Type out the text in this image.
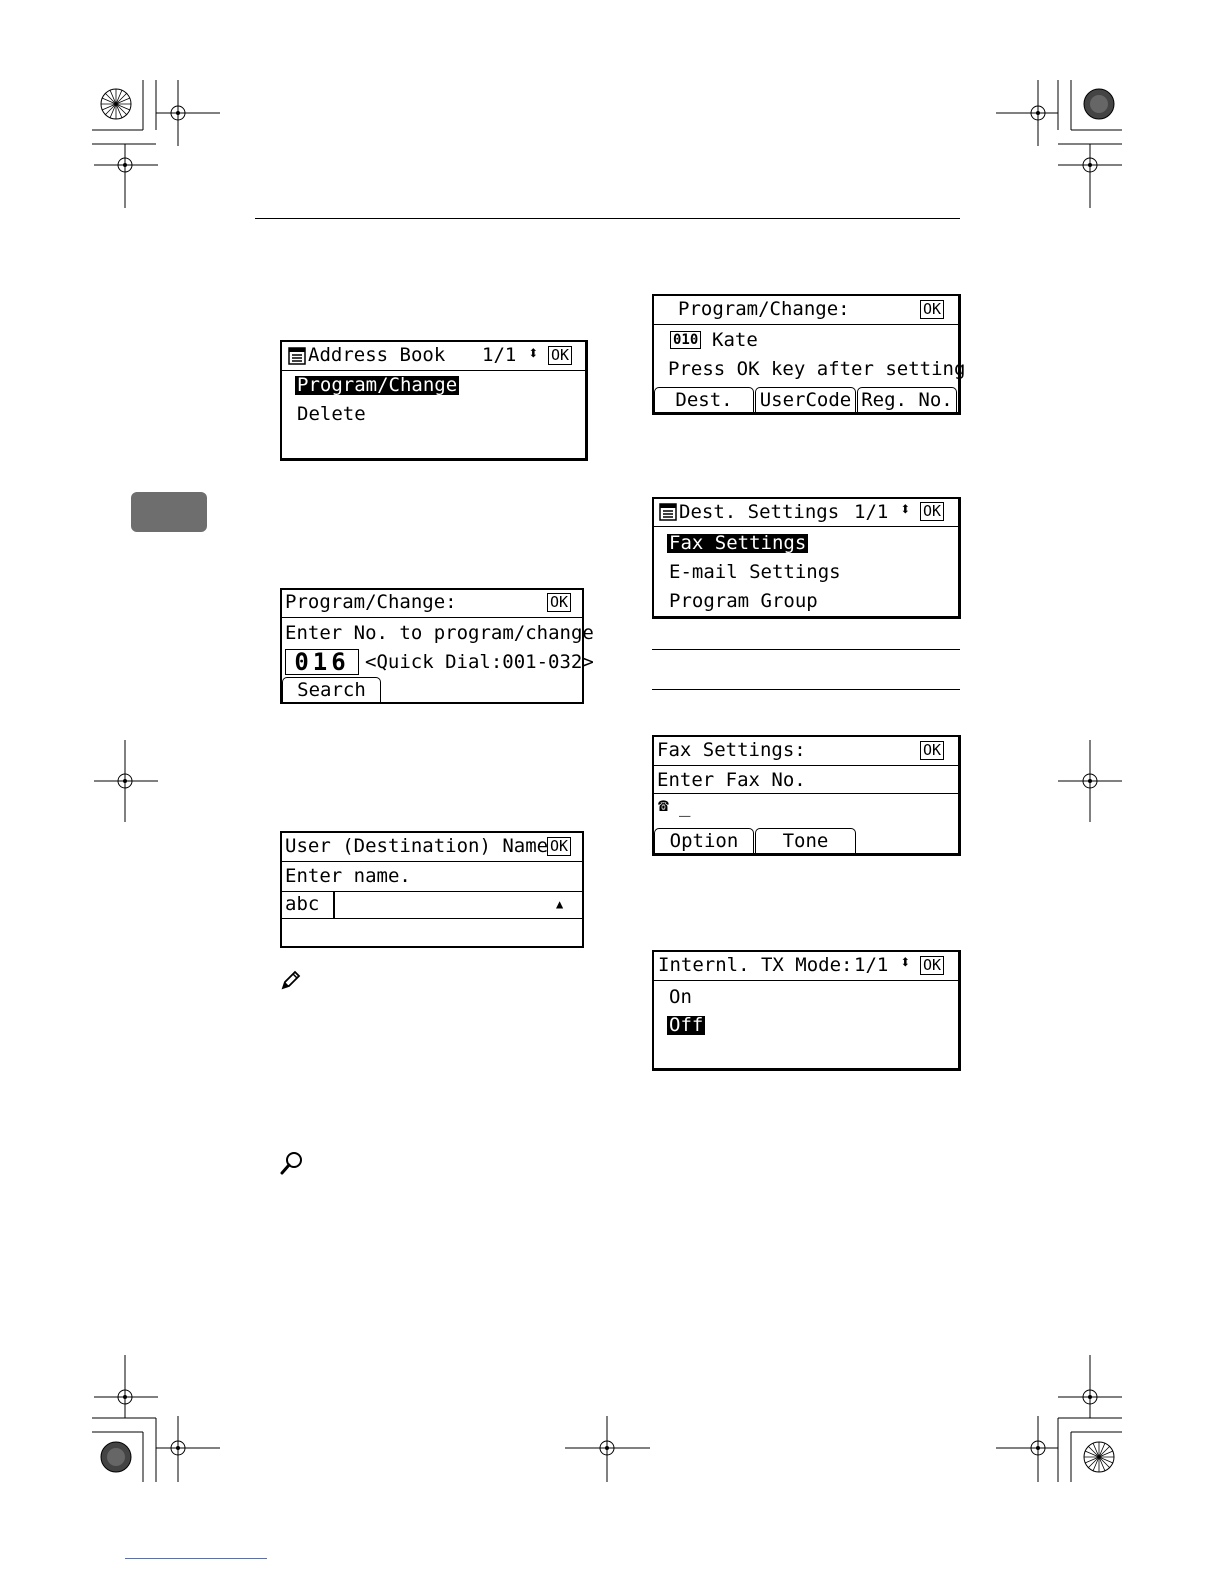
Address Book

1/1

⬍

OK

Program/Change

Delete

Program/Change:

	OK

Enter No. to program/change
016 <Quick Dial:001-032>
Search

User (Destination) Name

OK

Enter name.

abc

	▲

Program/Change:

	OK

010 Kate
Press OK key after setting
Dest.	UserCode Reg. No.

Dest. Settings

1/1

⬍

OK

Fax Settings
E-mail Settings
Program Group

Fax Settings:

	OK

Enter Fax No.

☎

_

Option	Tone

Internl. TX Mode:

1/1

⬍

OK

On
Off
